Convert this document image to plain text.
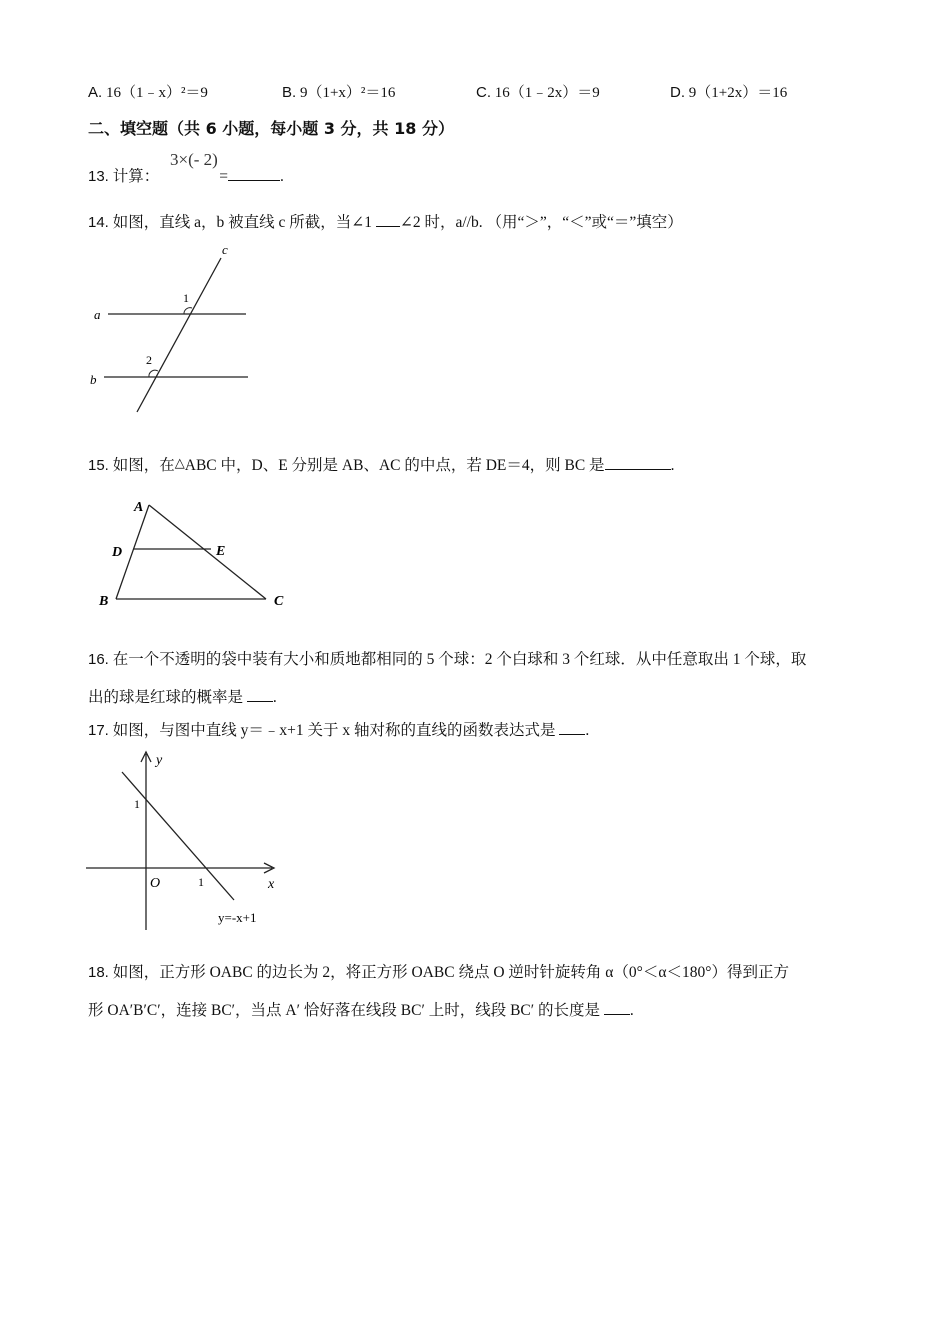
A. 16（1﹣x）²＝9	B. 9（1+x）²＝16	C. 16（1﹣2x）＝9	D. 9（1+2x）＝16
二、填空题（共 6 小题，每小题 3 分，共 18 分）
3×(- 2)
13. 计算：	=	.
14. 如图，直线 a，b 被直线 c 所截，当∠1 ∠2 时，a//b. （用“＞”，“＜”或“＝”填空）
a
b
c
1
2
15. 如图，在△ABC 中，D、E 分别是 AB、AC 的中点，若 DE＝4，则 BC 是	.
A
D	E
B	C
16. 在一个不透明的袋中装有大小和质地都相同的 5 个球：2 个白球和 3 个红球．从中任意取出 1 个球，取
出的球是红球的概率是 .
17. 如图，与图中直线 y＝﹣x+1 关于 x 轴对称的直线的函数表达式是 .
y
x
O
1
1
y=-x+1
18. 如图，正方形 OABC 的边长为 2，将正方形 OABC 绕点 O 逆时针旋转角 α（0°＜α＜180°）得到正方
形 OA′B′C′，连接 BC′，当点 A′ 恰好落在线段 BC′ 上时，线段 BC′ 的长度是 .
